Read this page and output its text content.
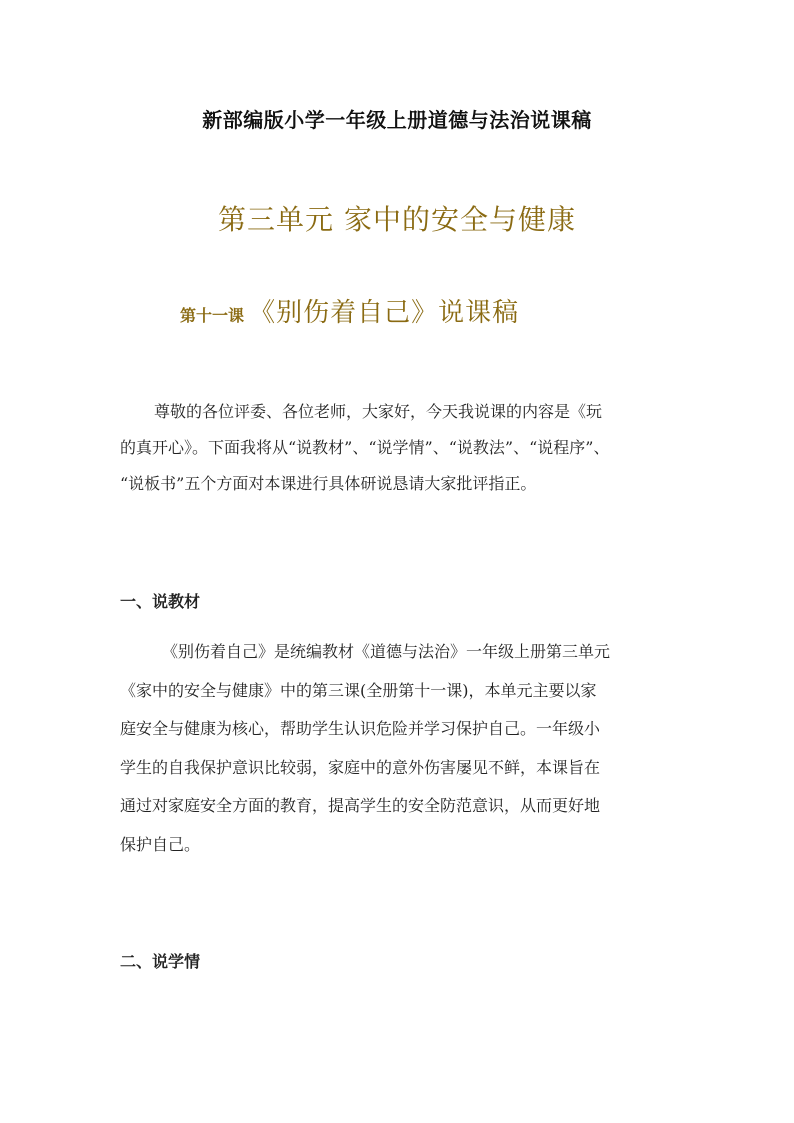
新部编版小学一年级上册道德与法治说课稿
第三单元 家中的安全与健康
第十一课 《别伤着自己》说课稿
尊敬的各位评委、各位老师，大家好，今天我说课的内容是《玩
的真开心》。下面我将从“说教材”、“说学情”、“说教法”、“说程序”、
“说板书”五个方面对本课进行具体研说恳请大家批评指正。
一、说教材
《别伤着自己》是统编教材《道德与法治》一年级上册第三单元
《家中的安全与健康》中的第三课(全册第十一课)，本单元主要以家
庭安全与健康为核心，帮助学生认识危险并学习保护自己。一年级小
学生的自我保护意识比较弱，家庭中的意外伤害屡见不鲜，本课旨在
通过对家庭安全方面的教育，提高学生的安全防范意识，从而更好地
保护自己。
二、说学情
